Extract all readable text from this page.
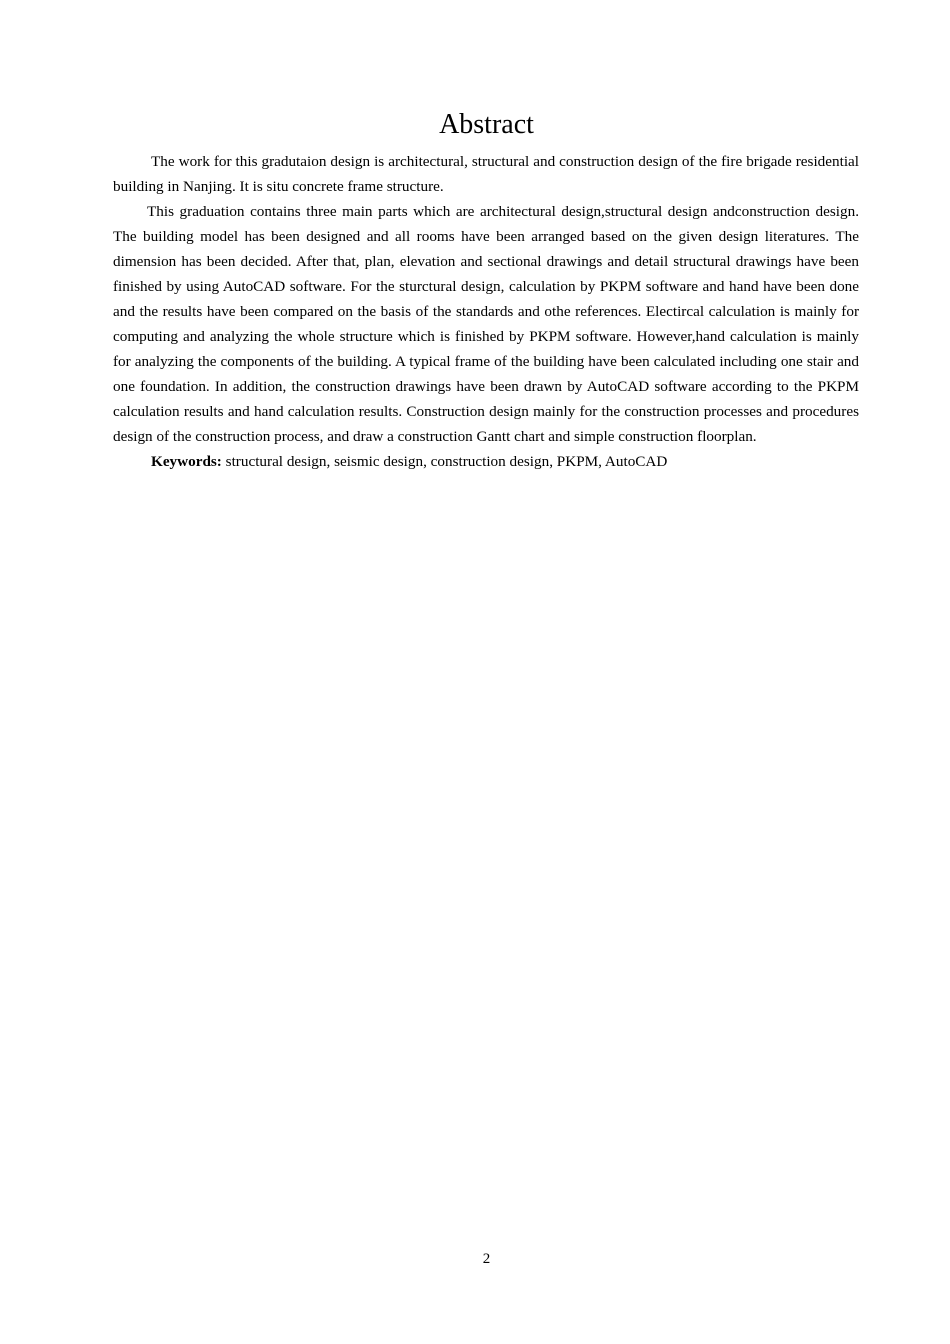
Abstract

The work for this gradutaion design is architectural, structural and construction design of the fire brigade residential building in Nanjing. It is situ concrete frame structure.

This graduation contains three main parts which are architectural design,structural design andconstruction design. The building model has been designed and all rooms have been arranged based on the given design literatures. The dimension has been decided. After that, plan, elevation and sectional drawings and detail structural drawings have been finished by using AutoCAD software. For the sturctural design, calculation by PKPM software and hand have been done and the results have been compared on the basis of the standards and othe references. Electircal calculation is mainly for computing and analyzing the whole structure which is finished by PKPM software. However,hand calculation is mainly for analyzing the components of the building. A typical frame of the building have been calculated including one stair and one foundation. In addition, the construction drawings have been drawn by AutoCAD software according to the PKPM calculation results and hand calculation results. Construction design mainly for the construction processes and procedures design of the construction process, and draw a construction Gantt chart and simple construction floorplan.

Keywords: structural design, seismic design, construction design, PKPM, AutoCAD

2
